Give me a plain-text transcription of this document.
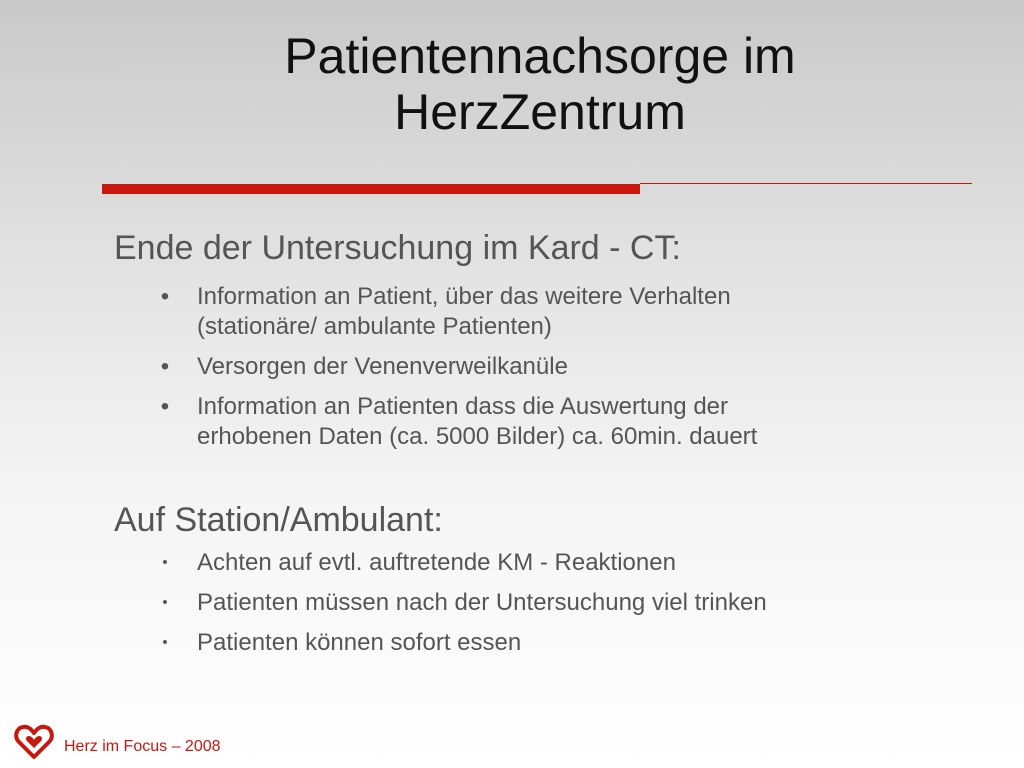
Patientennachsorge im
HerzZentrum
Ende der Untersuchung im Kard - CT:
• Information an Patient, über das weitere Verhalten
(stationäre/ ambulante Patienten)
• Versorgen der Venenverweilkanüle
• Information an Patienten dass die Auswertung der
erhobenen Daten (ca. 5000 Bilder) ca. 60min. dauert
Auf Station/Ambulant:
•	Achten auf evtl. auftretende KM - Reaktionen
•	Patienten müssen nach der Untersuchung viel trinken
•	Patienten können sofort essen
Herz im Focus – 2008
